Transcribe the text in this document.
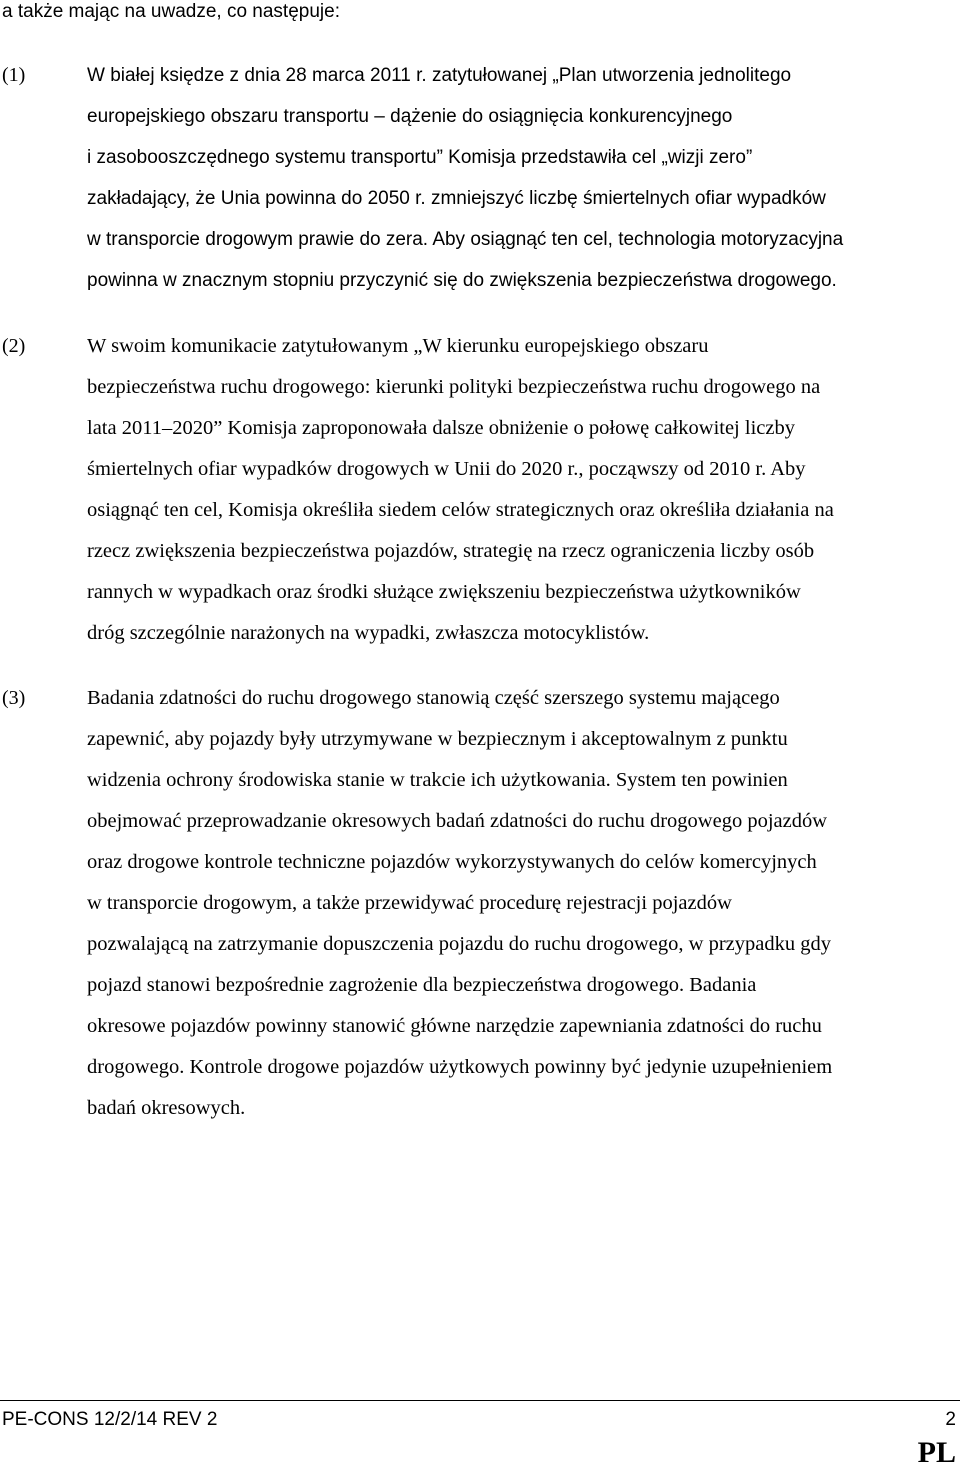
a także mając na uwadze, co następuje:
(1)	W białej księdze z dnia 28 marca 2011 r. zatytułowanej „Plan utworzenia jednolitego
europejskiego obszaru transportu – dążenie do osiągnięcia konkurencyjnego
i zasobooszczędnego systemu transportu” Komisja przedstawiła cel „wizji zero”
zakładający, że Unia powinna do 2050 r. zmniejszyć liczbę śmiertelnych ofiar wypadków
w transporcie drogowym prawie do zera. Aby osiągnąć ten cel, technologia motoryzacyjna
powinna w znacznym stopniu przyczynić się do zwiększenia bezpieczeństwa drogowego.
(2)	W swoim komunikacie zatytułowanym „W kierunku europejskiego obszaru
bezpieczeństwa ruchu drogowego: kierunki polityki bezpieczeństwa ruchu drogowego na
lata 2011–2020” Komisja zaproponowała dalsze obniżenie o połowę całkowitej liczby
śmiertelnych ofiar wypadków drogowych w Unii do 2020 r., począwszy od 2010 r. Aby
osiągnąć ten cel, Komisja określiła siedem celów strategicznych oraz określiła działania na
rzecz zwiększenia bezpieczeństwa pojazdów, strategię na rzecz ograniczenia liczby osób
rannych w wypadkach oraz środki służące zwiększeniu bezpieczeństwa użytkowników
dróg szczególnie narażonych na wypadki, zwłaszcza motocyklistów.
(3)	Badania zdatności do ruchu drogowego stanowią część szerszego systemu mającego
zapewnić, aby pojazdy były utrzymywane w bezpiecznym i akceptowalnym z punktu
widzenia ochrony środowiska stanie w trakcie ich użytkowania. System ten powinien
obejmować przeprowadzanie okresowych badań zdatności do ruchu drogowego pojazdów
oraz drogowe kontrole techniczne pojazdów wykorzystywanych do celów komercyjnych
w transporcie drogowym, a także przewidywać procedurę rejestracji pojazdów
pozwalającą na zatrzymanie dopuszczenia pojazdu do ruchu drogowego, w przypadku gdy
pojazd stanowi bezpośrednie zagrożenie dla bezpieczeństwa drogowego. Badania
okresowe pojazdów powinny stanowić główne narzędzie zapewniania zdatności do ruchu
drogowego. Kontrole drogowe pojazdów użytkowych powinny być jedynie uzupełnieniem
badań okresowych.
PE-CONS 12/2/14 REV 2	2
PL
